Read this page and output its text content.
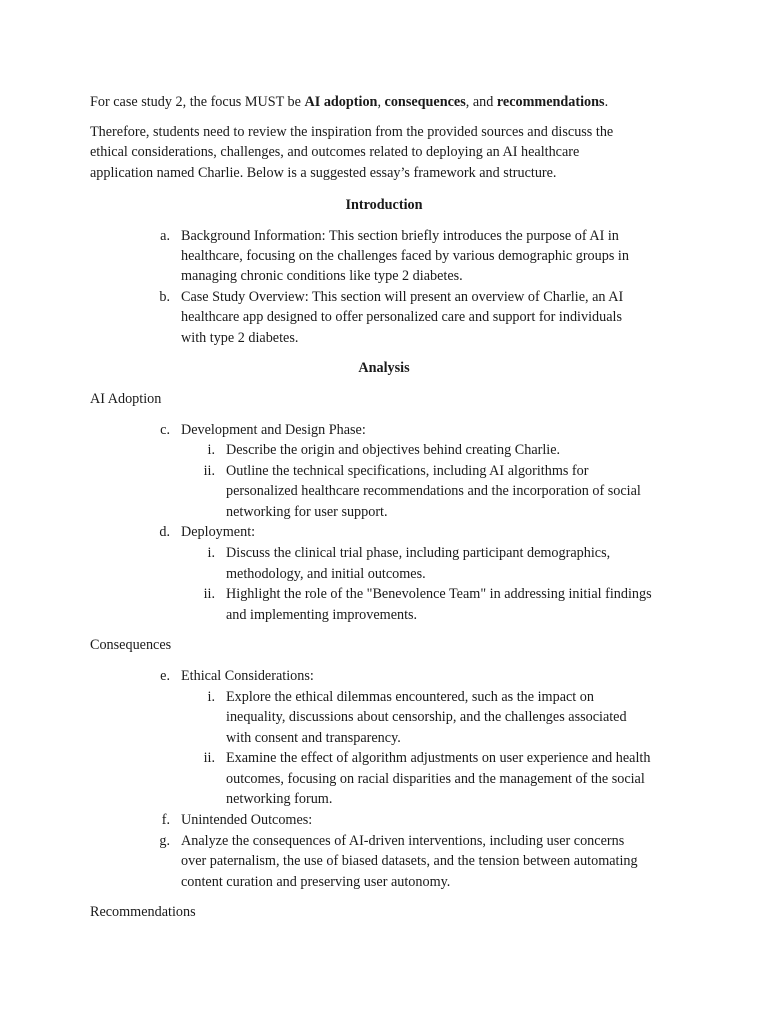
For case study 2, the focus MUST be AI adoption, consequences, and recommendations.
Therefore, students need to review the inspiration from the provided sources and discuss the
ethical considerations, challenges, and outcomes related to deploying an AI healthcare
application named Charlie. Below is a suggested essay’s framework and structure.
Introduction
a. Background Information: This section briefly introduces the purpose of AI in
healthcare, focusing on the challenges faced by various demographic groups in
managing chronic conditions like type 2 diabetes.
b. Case Study Overview: This section will present an overview of Charlie, an AI
healthcare app designed to offer personalized care and support for individuals
with type 2 diabetes.
Analysis
AI Adoption
c. Development and Design Phase:
i. Describe the origin and objectives behind creating Charlie.
ii. Outline the technical specifications, including AI algorithms for
personalized healthcare recommendations and the incorporation of social
networking for user support.
d. Deployment:
i. Discuss the clinical trial phase, including participant demographics,
methodology, and initial outcomes.
ii. Highlight the role of the "Benevolence Team" in addressing initial findings
and implementing improvements.
Consequences
e. Ethical Considerations:
i. Explore the ethical dilemmas encountered, such as the impact on
inequality, discussions about censorship, and the challenges associated
with consent and transparency.
ii. Examine the effect of algorithm adjustments on user experience and health
outcomes, focusing on racial disparities and the management of the social
networking forum.
f. Unintended Outcomes:
g. Analyze the consequences of AI-driven interventions, including user concerns
over paternalism, the use of biased datasets, and the tension between automating
content curation and preserving user autonomy.
Recommendations
